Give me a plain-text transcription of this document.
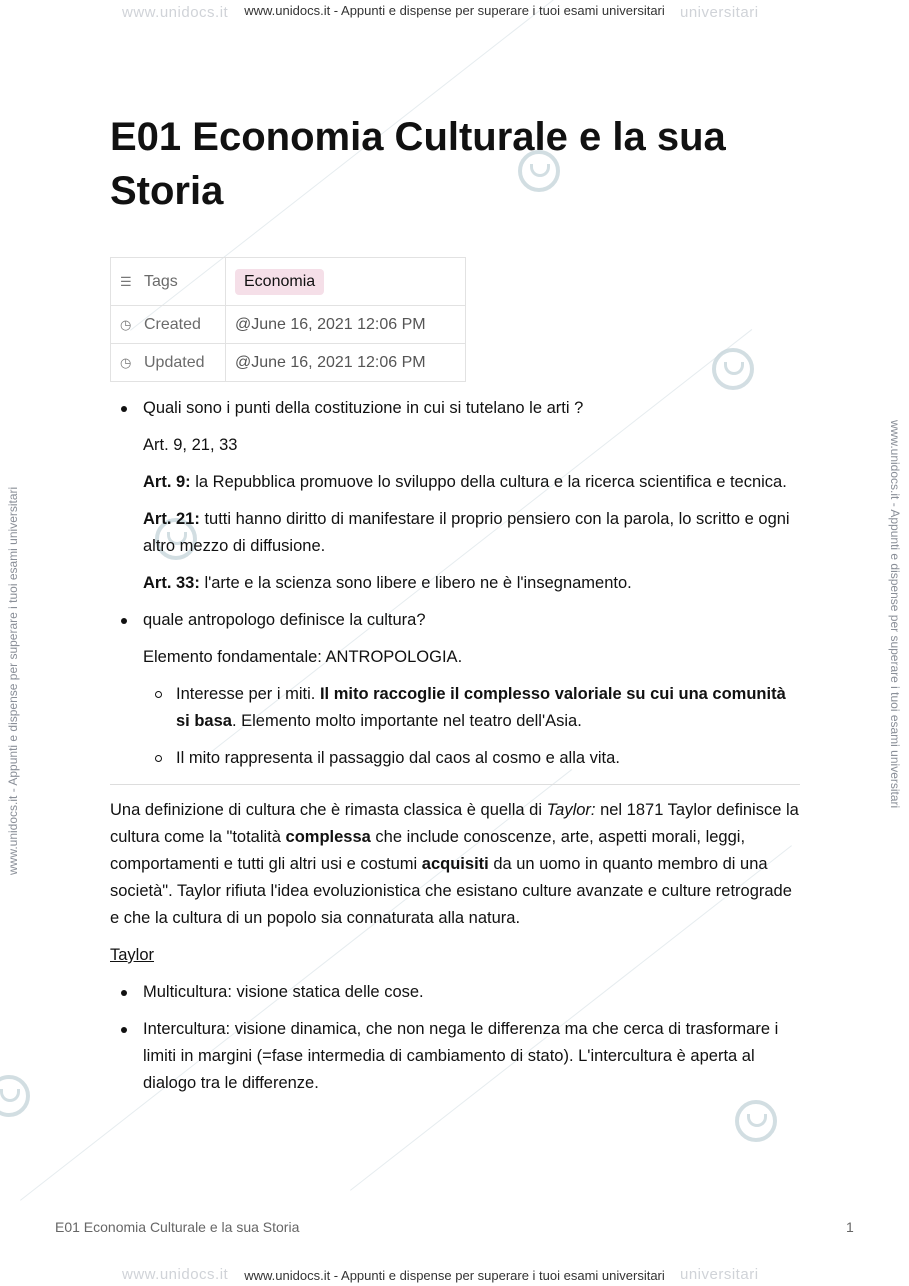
www.unidocs.it	universitari
www.unidocs.it	universitari
www.unidocs.it - Appunti e dispense per superare i tuoi esami universitari
www.unidocs.it - Appunti e dispense per superare i tuoi esami universitari
www.unidocs.it - Appunti e dispense per superare i tuoi esami universitari	www.unidocs.it - Appunti e dispense per superare i tuoi esami universitari
E01 Economia Culturale e la sua Storia
☰ Tags	Economia
◷ Created	@June 16, 2021 12:06 PM
◷ Updated	@June 16, 2021 12:06 PM
Quali sono i punti della costituzione in cui si tutelano le arti ?
Art. 9, 21, 33
Art. 9: la Repubblica promuove lo sviluppo della cultura e la ricerca scientifica e tecnica.
Art. 21: tutti hanno diritto di manifestare il proprio pensiero con la parola, lo scritto e ogni altro mezzo di diffusione.
Art. 33: l'arte e la scienza sono libere e libero ne è l'insegnamento.
quale antropologo definisce la cultura?
Elemento fondamentale: ANTROPOLOGIA.
Interesse per i miti. Il mito raccoglie il complesso valoriale su cui una comunità si basa. Elemento molto importante nel teatro dell'Asia.
Il mito rappresenta il passaggio dal caos al cosmo e alla vita.
Una definizione di cultura che è rimasta classica è quella di Taylor: nel 1871 Taylor definisce la cultura come la "totalità complessa che include conoscenze, arte, aspetti morali, leggi, comportamenti e tutti gli altri usi e costumi acquisiti da un uomo in quanto membro di una società". Taylor rifiuta l'idea evoluzionistica che esistano culture avanzate e culture retrograde e che la cultura di un popolo sia connaturata alla natura.
Taylor
Multicultura: visione statica delle cose.
Intercultura: visione dinamica, che non nega le differenza ma che cerca di trasformare i limiti in margini (=fase intermedia di cambiamento di stato). L'intercultura è aperta al dialogo tra le differenze.
E01 Economia Culturale e la sua Storia	1
